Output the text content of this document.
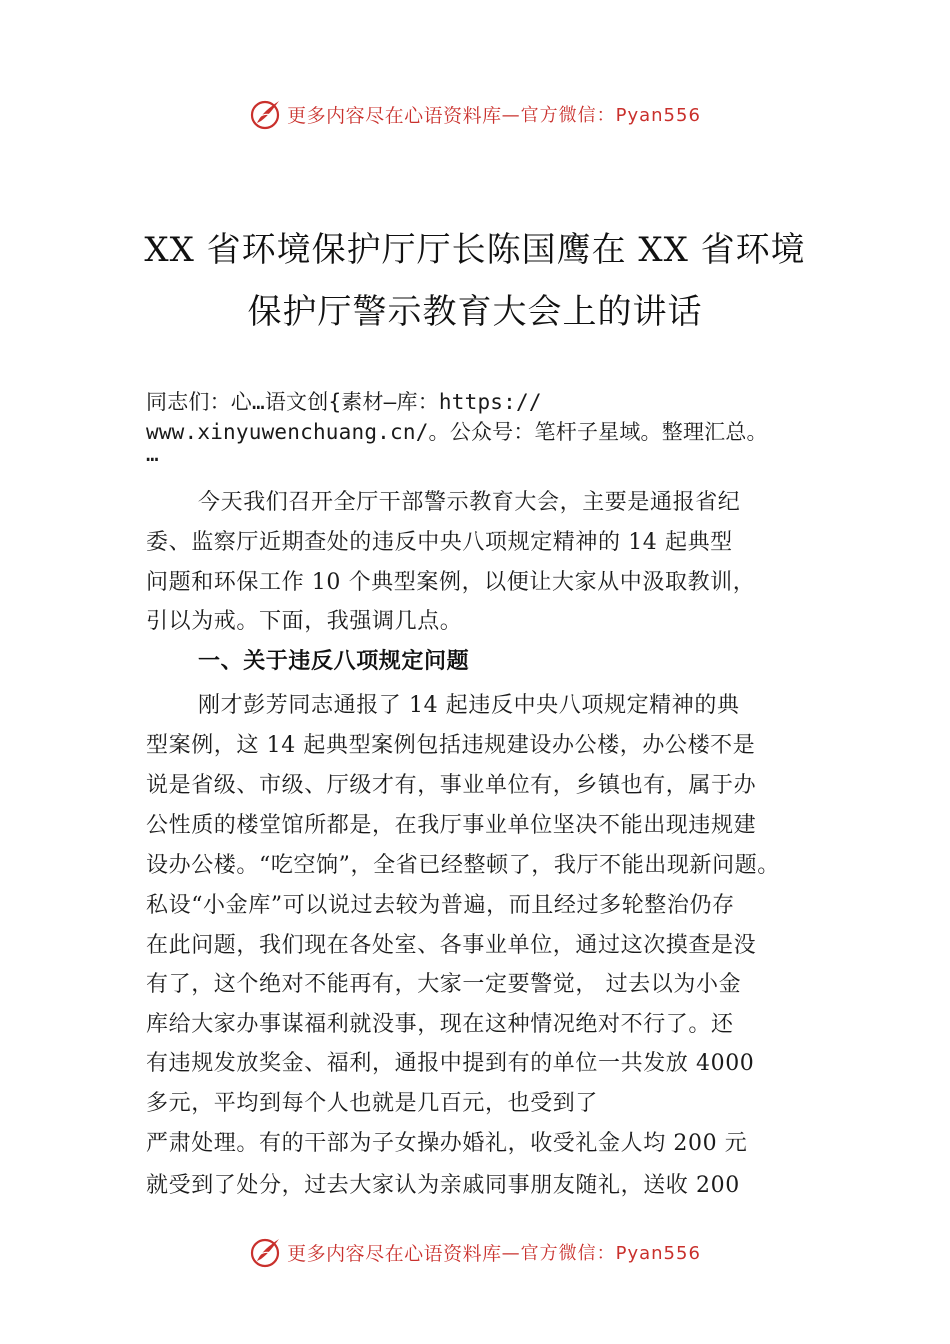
更多内容尽在心语资料库 —官方微信：Pyan556
XX 省环境保护厅厅长陈国鹰在 XX 省环境
保护厅警示教育大会上的讲话
同志们：心…语文创{素材—库：https://
www.xinyuwenchuang.cn/。公众号：笔杆子星域。整理汇总。
…
今天我们召开全厅干部警示教育大会，主要是通报省纪
委、监察厅近期查处的违反中央八项规定精神的 14 起典型
问题和环保工作 10 个典型案例，以便让大家从中汲取教训，
引以为戒。下面，我强调几点。
一、关于违反八项规定问题
刚才彭芳同志通报了 14 起违反中央八项规定精神的典
型案例，这 14 起典型案例包括违规建设办公楼，办公楼不是
说是省级、市级、厅级才有，事业单位有，乡镇也有，属于办
公性质的楼堂馆所都是，在我厅事业单位坚决不能出现违规建
设办公楼。“吃空饷”，全省已经整顿了，我厅不能出现新问题。
私设“小金库”可以说过去较为普遍，而且经过多轮整治仍存
在此问题，我们现在各处室、各事业单位，通过这次摸查是没
有了，这个绝对不能再有，大家一定要警觉， 过去以为小金
库给大家办事谋福利就没事，现在这种情况绝对不行了。还
有违规发放奖金、福利，通报中提到有的单位一共发放 4000
多元，平均到每个人也就是几百元，也受到了
严肃处理。有的干部为子女操办婚礼，收受礼金人均 200 元
就受到了处分，过去大家认为亲戚同事朋友随礼，送收 200
更多内容尽在心语资料库 —官方微信：Pyan556
